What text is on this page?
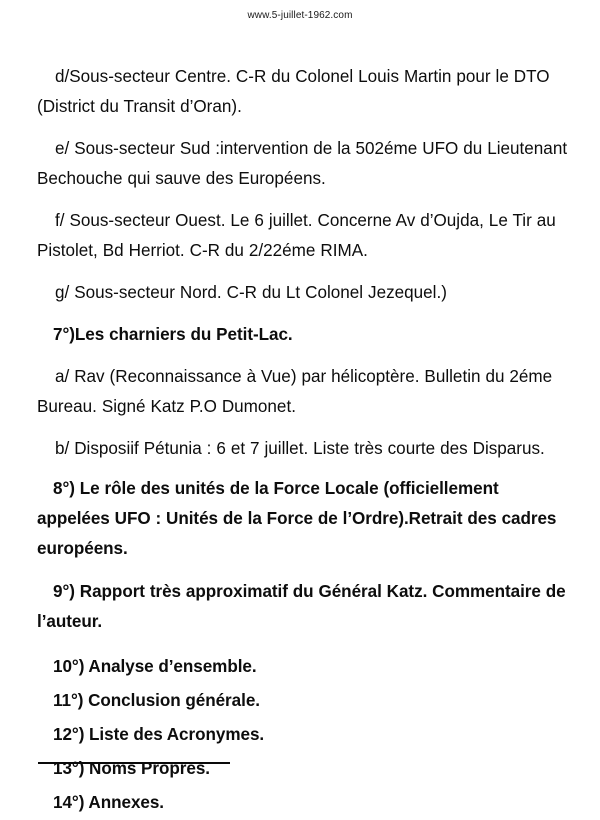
www.5-juillet-1962.com

d/Sous-secteur Centre. C-R du Colonel Louis Martin pour le DTO (District du Transit d’Oran).

e/ Sous-secteur Sud :intervention de la 502éme UFO du Lieutenant Bechouche qui sauve des Européens.

f/ Sous-secteur Ouest. Le 6 juillet. Concerne Av d’Oujda, Le Tir au Pistolet, Bd Herriot. C-R du 2/22éme RIMA.

g/ Sous-secteur Nord. C-R du Lt Colonel Jezequel.)

7°)Les charniers du Petit-Lac.

a/ Rav (Reconnaissance à Vue) par hélicoptère. Bulletin du 2éme Bureau. Signé Katz P.O Dumonet.

b/ Disposiif Pétunia : 6 et 7 juillet. Liste très courte des Disparus.

8°) Le rôle des unités de la Force Locale (officiellement appelées UFO : Unités de la Force de l’Ordre).Retrait des cadres européens.

9°) Rapport très approximatif du Général Katz. Commentaire de l’auteur.

10°) Analyse d’ensemble.
11°) Conclusion générale.
12°) Liste des Acronymes.
13°) Noms Propres.
14°) Annexes.
